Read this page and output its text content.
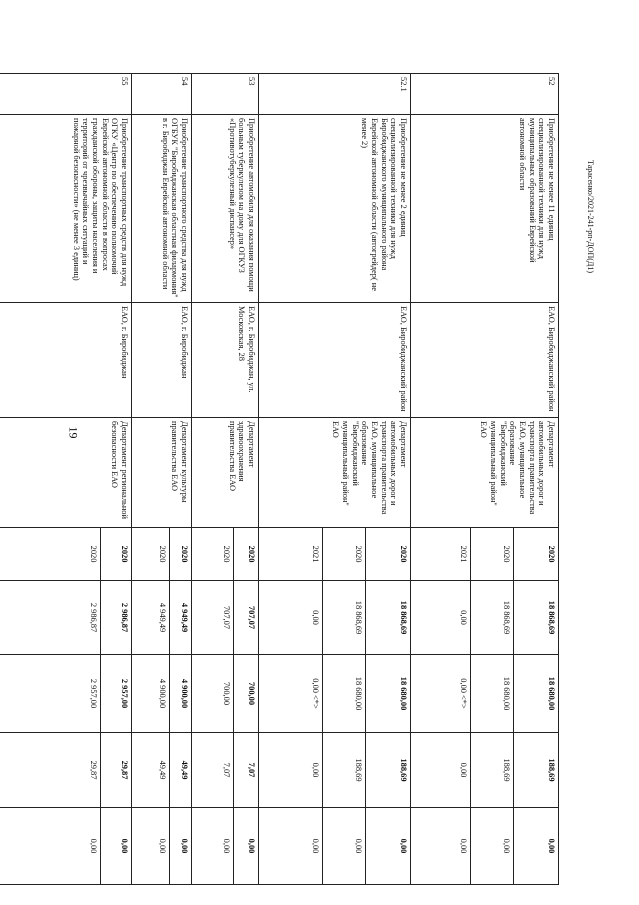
19
Тарасенко/2021-241-рп-ДОП(Д1)
52	Приобретение не менее 11 единиц специализированной техники для нужд муниципальных образований Еврейской автономной области	ЕАО, Биробиджанский район	Департамент автомобильных дорог и транспорта правительства ЕАО, муниципальное образование "Биробиджанский муниципальный район" ЕАО	2020	18 868,69	18 680,00	188,69	0,00
				2020	18 868,69	18 680,00	188,69	0,00
				2021	0,00	0,00 <*>	0,00	0,00
52.1	Приобретение не менее 2 единиц специализированной техники для нужд Биробиджанского муниципального района Еврейской автономной области (автогрейдер( не менее 2)	ЕАО, Биробиджанский район	Департамент автомобильных дорог и транспорта правительства ЕАО, муниципальное образование "Биробиджанский муниципальный район" ЕАО	2020	18 868,69	18 680,00	188,69	0,00
				2020	18 868,69	18 680,00	188,69	0,00
				2021	0,00	0,00 <*>	0,00	0,00
53	Приобретение автомобиля для оказания помощи больным туберкулезом на дому для ОГКУЗ «Противотуберкулезный диспансер»	ЕАО, г. Биробиджан, ул. Московская, 28	Департамент здравоохранения правительства ЕАО	2020	707,07	700,00	7,07	0,00
				2020	707,07	700,00	7,07	0,00
54	Приобретение транспортного средства для нужд ОГБУК "Биробиджанская областная филармония" в г. Биробиджан Еврейской автономной области	ЕАО, г. Биробиджан	Департамент культуры правительства ЕАО	2020	4 949,49	4 900,00	49,49	0,00
				2020	4 949,49	4 900,00	49,49	0,00
55	Приобретение транспортных средств для нужд ОГКУ «Центр по обеспечению полномочий Еврейской автономной области в вопросах гражданской обороны, защиты населения и территорий от чрезвычайных ситуаций и пожарной безопасности» (не менее 3 единиц)	ЕАО, г. Биробиджан	Департамент региональной безопасности ЕАО	2020	2 986,87	2 957,00	29,87	0,00
				2020	2 986,87	2 957,00	29,87	0,00
